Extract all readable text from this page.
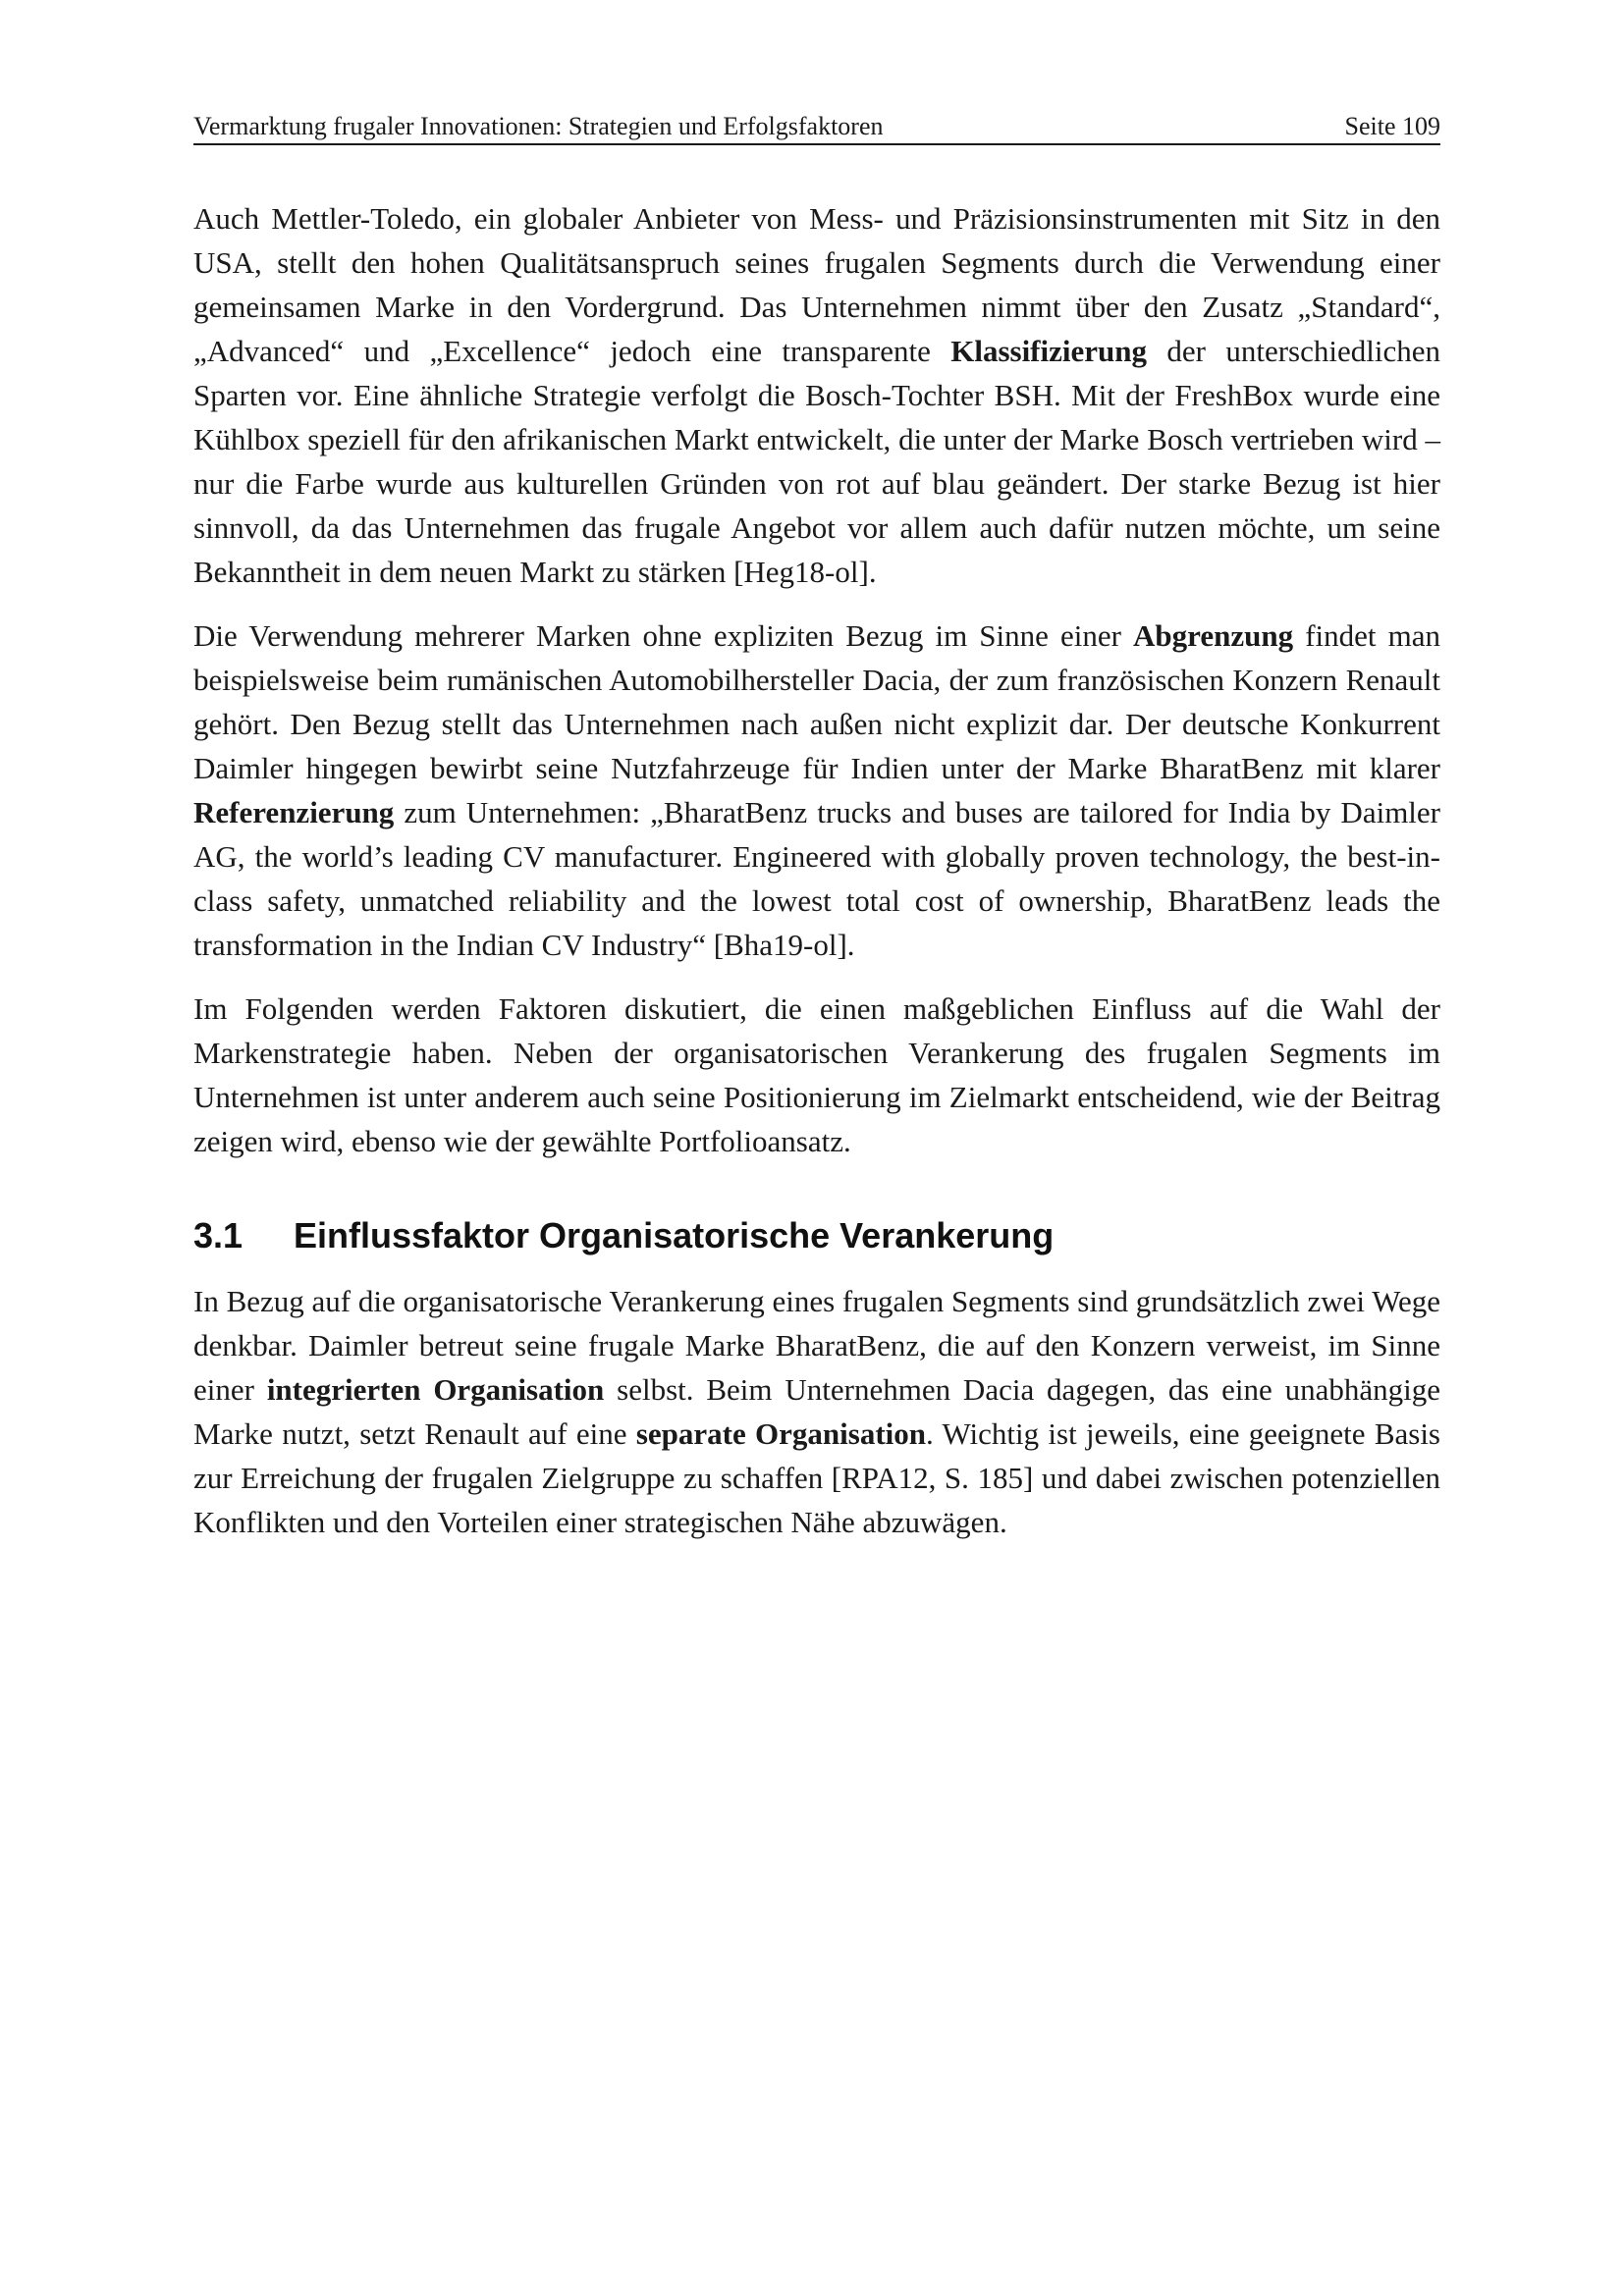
Vermarktung frugaler Innovationen: Strategien und Erfolgsfaktoren	Seite 109

Auch Mettler-Toledo, ein globaler Anbieter von Mess- und Präzisionsinstrumenten mit Sitz in den USA, stellt den hohen Qualitätsanspruch seines frugalen Segments durch die Verwendung einer gemeinsamen Marke in den Vordergrund. Das Unternehmen nimmt über den Zusatz „Standard“, „Advanced“ und „Excellence“ jedoch eine transparente Klassifizierung der unterschiedlichen Sparten vor. Eine ähnliche Strategie verfolgt die Bosch-Tochter BSH. Mit der FreshBox wurde eine Kühlbox speziell für den afrikanischen Markt entwickelt, die unter der Marke Bosch vertrieben wird – nur die Farbe wurde aus kulturellen Gründen von rot auf blau geändert. Der starke Bezug ist hier sinnvoll, da das Unternehmen das frugale Angebot vor allem auch dafür nutzen möchte, um seine Bekanntheit in dem neuen Markt zu stärken [Heg18-ol].

Die Verwendung mehrerer Marken ohne expliziten Bezug im Sinne einer Abgrenzung findet man beispielsweise beim rumänischen Automobilhersteller Dacia, der zum französischen Konzern Renault gehört. Den Bezug stellt das Unternehmen nach außen nicht explizit dar. Der deutsche Konkurrent Daimler hingegen bewirbt seine Nutzfahrzeuge für Indien unter der Marke BharatBenz mit klarer Referenzierung zum Unternehmen: „BharatBenz trucks and buses are tailored for India by Daimler AG, the world’s leading CV manufacturer. Engineered with globally proven technology, the best-in-class safety, unmatched reliability and the lowest total cost of ownership, BharatBenz leads the transformation in the Indian CV Industry“ [Bha19-ol].

Im Folgenden werden Faktoren diskutiert, die einen maßgeblichen Einfluss auf die Wahl der Markenstrategie haben. Neben der organisatorischen Verankerung des frugalen Segments im Unternehmen ist unter anderem auch seine Positionierung im Zielmarkt entscheidend, wie der Beitrag zeigen wird, ebenso wie der gewählte Portfolioansatz.

3.1 Einflussfaktor Organisatorische Verankerung

In Bezug auf die organisatorische Verankerung eines frugalen Segments sind grundsätzlich zwei Wege denkbar. Daimler betreut seine frugale Marke BharatBenz, die auf den Konzern verweist, im Sinne einer integrierten Organisation selbst. Beim Unternehmen Dacia dagegen, das eine unabhängige Marke nutzt, setzt Renault auf eine separate Organisation. Wichtig ist jeweils, eine geeignete Basis zur Erreichung der frugalen Zielgruppe zu schaffen [RPA12, S. 185] und dabei zwischen potenziellen Konflikten und den Vorteilen einer strategischen Nähe abzuwägen.
